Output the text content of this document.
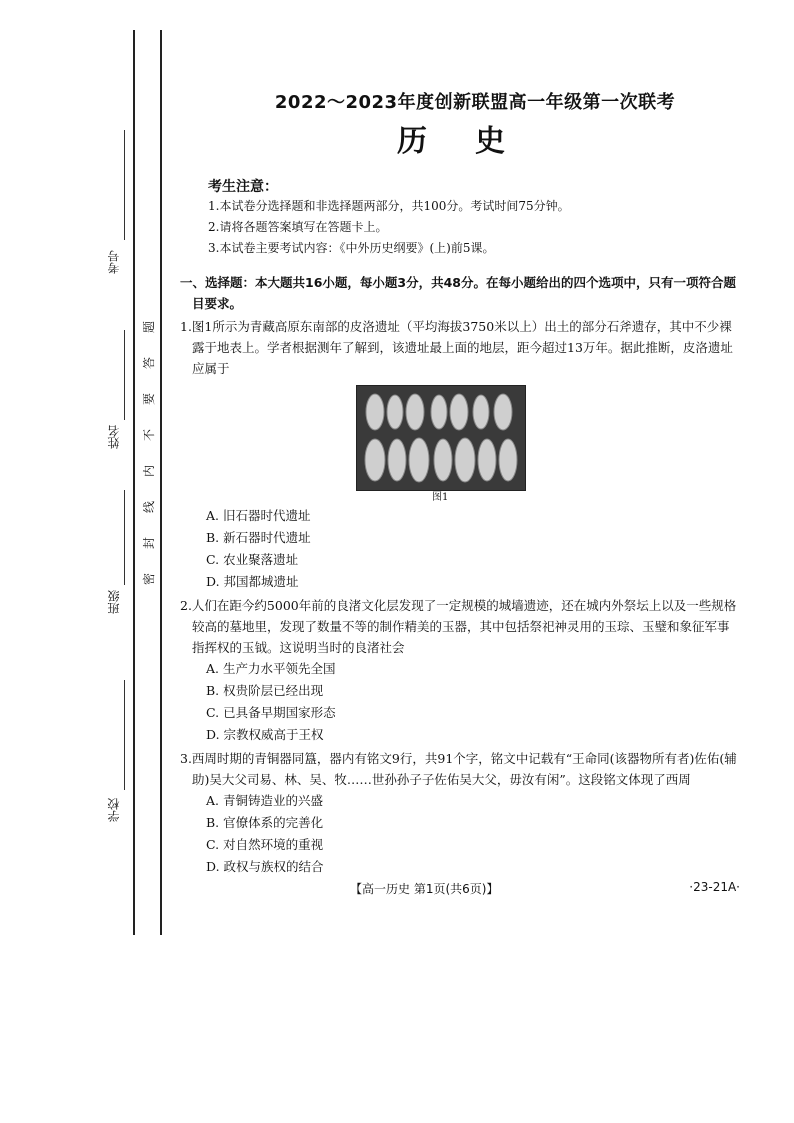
考号
姓名
班级
学校
题
答
要
不
内
线
封
密
2022～2023年度创新联盟高一年级第一次联考
历史
考生注意：
1.本试卷分选择题和非选择题两部分，共100分。考试时间75分钟。
2.请将各题答案填写在答题卡上。
3.本试卷主要考试内容：《中外历史纲要》(上)前5课。
一、选择题：本大题共16小题，每小题3分，共48分。在每小题给出的四个选项中，只有一项符合题目要求。
1.图1所示为青藏高原东南部的皮洛遗址（平均海拔3750米以上）出土的部分石斧遗存，其中不少裸露于地表上。学者根据测年了解到，该遗址最上面的地层，距今超过13万年。据此推断，皮洛遗址应属于
图1
A. 旧石器时代遗址
B. 新石器时代遗址
C. 农业聚落遗址
D. 邦国都城遗址
2.人们在距今约5000年前的良渚文化层发现了一定规模的城墙遗迹，还在城内外祭坛上以及一些规格较高的墓地里，发现了数量不等的制作精美的玉器，其中包括祭祀神灵用的玉琮、玉璧和象征军事指挥权的玉钺。这说明当时的良渚社会
A. 生产力水平领先全国
B. 权贵阶层已经出现
C. 已具备早期国家形态
D. 宗教权威高于王权
3.西周时期的青铜器同簋，器内有铭文9行，共91个字，铭文中记载有“王命同(该器物所有者)佐佑(辅助)吴大父司易、林、吴、牧……世孙孙子子佐佑吴大父，毋汝有闲”。这段铭文体现了西周
A. 青铜铸造业的兴盛
B. 官僚体系的完善化
C. 对自然环境的重视
D. 政权与族权的结合
【高一历史 第1页(共6页)】	·23-21A·
